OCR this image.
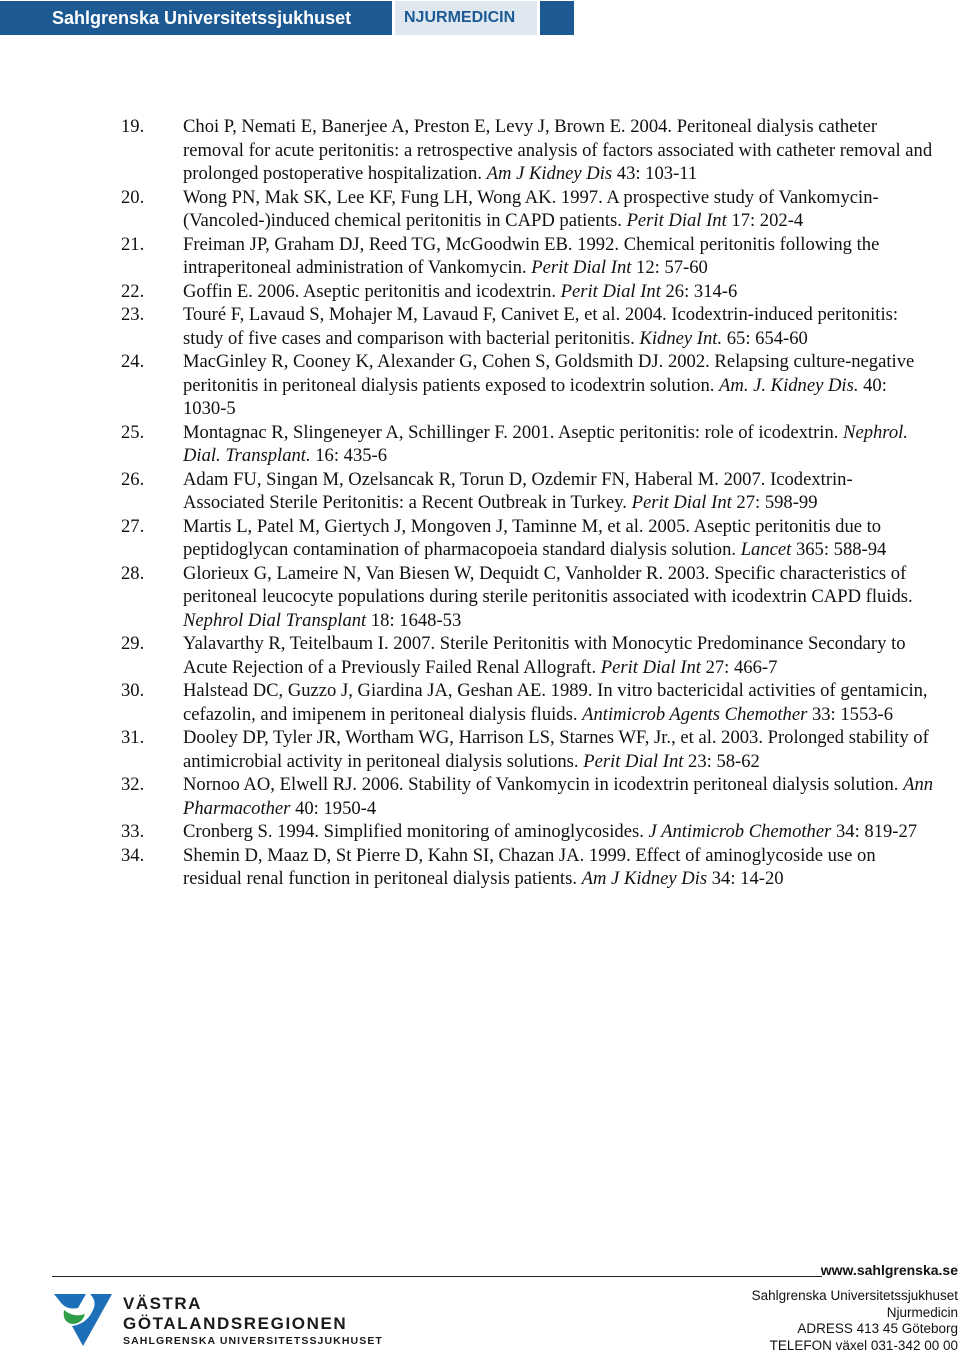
Sahlgrenska Universitetssjukhuset	NJURMEDICIN
19. Choi P, Nemati E, Banerjee A, Preston E, Levy J, Brown E. 2004. Peritoneal dialysis catheter removal for acute peritonitis: a retrospective analysis of factors associated with catheter removal and prolonged postoperative hospitalization. Am J Kidney Dis 43: 103-11
20. Wong PN, Mak SK, Lee KF, Fung LH, Wong AK. 1997. A prospective study of Vankomycin-(Vancoled-)induced chemical peritonitis in CAPD patients. Perit Dial Int 17: 202-4
21. Freiman JP, Graham DJ, Reed TG, McGoodwin EB. 1992. Chemical peritonitis following the intraperitoneal administration of Vankomycin. Perit Dial Int 12: 57-60
22. Goffin E. 2006. Aseptic peritonitis and icodextrin. Perit Dial Int 26: 314-6
23. Touré F, Lavaud S, Mohajer M, Lavaud F, Canivet E, et al. 2004. Icodextrin-induced peritonitis: study of five cases and comparison with bacterial peritonitis. Kidney Int. 65: 654-60
24. MacGinley R, Cooney K, Alexander G, Cohen S, Goldsmith DJ. 2002. Relapsing culture-negative peritonitis in peritoneal dialysis patients exposed to icodextrin solution. Am. J. Kidney Dis. 40: 1030-5
25. Montagnac R, Slingeneyer A, Schillinger F. 2001. Aseptic peritonitis: role of icodextrin. Nephrol. Dial. Transplant. 16: 435-6
26. Adam FU, Singan M, Ozelsancak R, Torun D, Ozdemir FN, Haberal M. 2007. Icodextrin-Associated Sterile Peritonitis: a Recent Outbreak in Turkey. Perit Dial Int 27: 598-99
27. Martis L, Patel M, Giertych J, Mongoven J, Taminne M, et al. 2005. Aseptic peritonitis due to peptidoglycan contamination of pharmacopoeia standard dialysis solution. Lancet 365: 588-94
28. Glorieux G, Lameire N, Van Biesen W, Dequidt C, Vanholder R. 2003. Specific characteristics of peritoneal leucocyte populations during sterile peritonitis associated with icodextrin CAPD fluids. Nephrol Dial Transplant 18: 1648-53
29. Yalavarthy R, Teitelbaum I. 2007. Sterile Peritonitis with Monocytic Predominance Secondary to Acute Rejection of a Previously Failed Renal Allograft. Perit Dial Int 27: 466-7
30. Halstead DC, Guzzo J, Giardina JA, Geshan AE. 1989. In vitro bactericidal activities of gentamicin, cefazolin, and imipenem in peritoneal dialysis fluids. Antimicrob Agents Chemother 33: 1553-6
31. Dooley DP, Tyler JR, Wortham WG, Harrison LS, Starnes WF, Jr., et al. 2003. Prolonged stability of antimicrobial activity in peritoneal dialysis solutions. Perit Dial Int 23: 58-62
32. Nornoo AO, Elwell RJ. 2006. Stability of Vankomycin in icodextrin peritoneal dialysis solution. Ann Pharmacother 40: 1950-4
33. Cronberg S. 1994. Simplified monitoring of aminoglycosides. J Antimicrob Chemother 34: 819-27
34. Shemin D, Maaz D, St Pierre D, Kahn SI, Chazan JA. 1999. Effect of aminoglycoside use on residual renal function in peritoneal dialysis patients. Am J Kidney Dis 34: 14-20
www.sahlgrenska.se
Sahlgrenska Universitetssjukhuset
Njurmedicin
ADRESS 413 45 Göteborg
TELEFON växel 031-342 00 00
VÄSTRA
GÖTALANDSREGIONEN
SAHLGRENSKA UNIVERSITETSSJUKHUSET
